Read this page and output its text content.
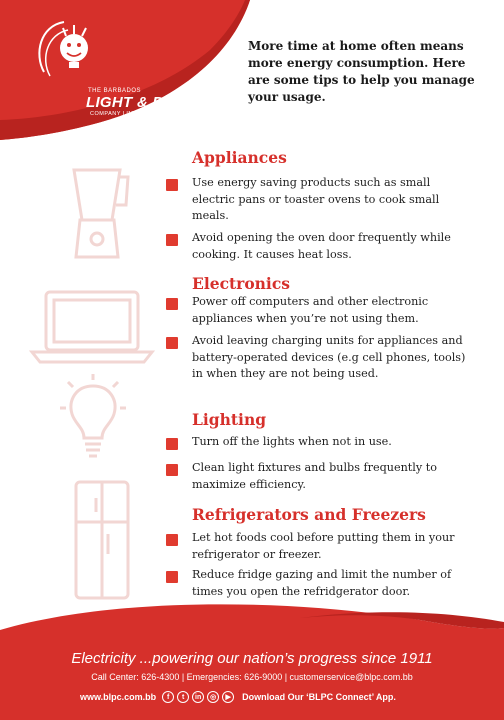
THE BARBADOS
LIGHT & POWER
COMPANY LIMITED
More time at home often means more energy consumption. Here are some tips to help you manage your usage.
Appliances
Use energy saving products such as small electric pans or toaster ovens to cook small meals.
Avoid opening the oven door frequently while cooking. It causes heat loss.
Electronics
Power off computers and other electronic appliances when you’re not using them.
Avoid leaving charging units for appliances and battery-operated devices (e.g cell phones, tools) in when they are not being used.
Lighting
Turn off the lights when not in use.
Clean light fixtures and bulbs frequently to maximize efficiency.
Refrigerators and Freezers
Let hot foods cool before putting them in your refrigerator or freezer.
Reduce fridge gazing and limit the number of times you open the refridgerator door.
Electricity ...powering our nation’s progress since 1911
Call Center: 626-4300 | Emergencies: 626-9000 | customerservice@blpc.com.bb
www.blpc.com.bb	f	t	in	◎	▶	Download Our ‘BLPC Connect’ App.
